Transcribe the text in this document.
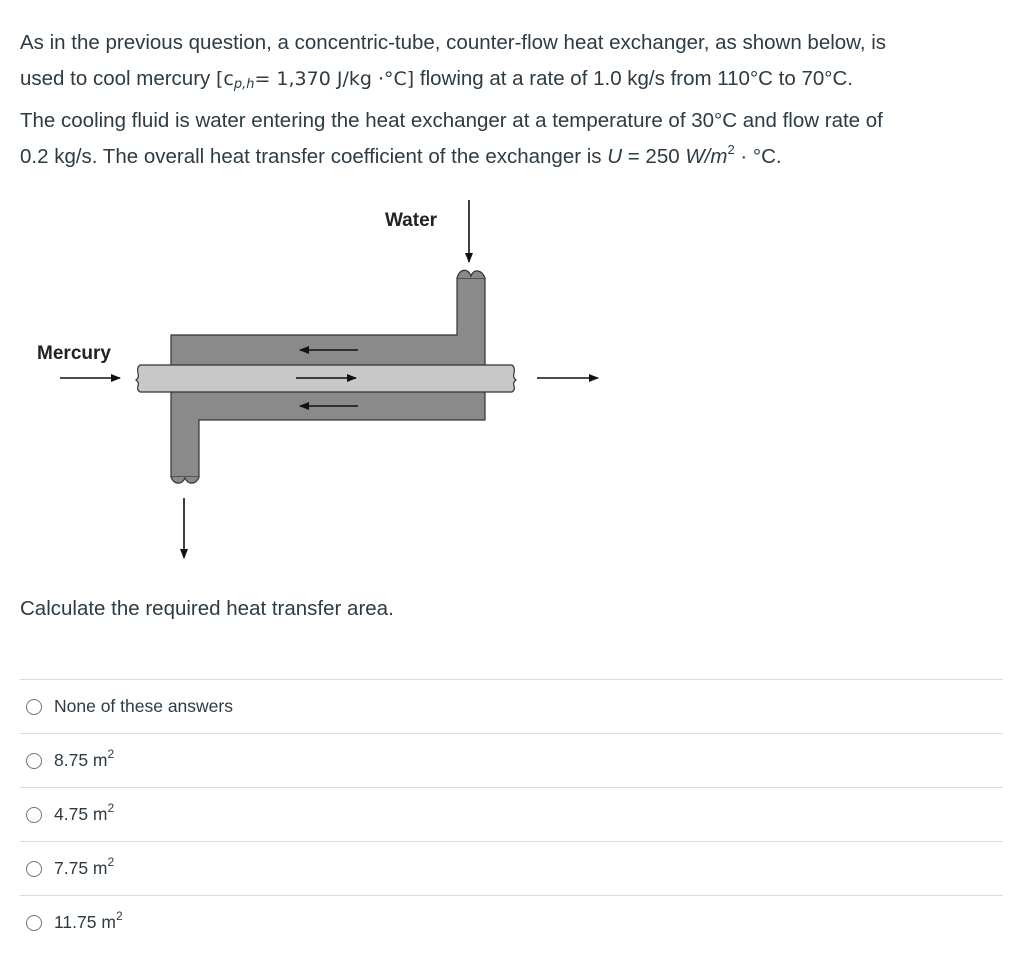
As in the previous question, a concentric-tube, counter-flow heat exchanger, as shown below, is

used to cool mercury [cp,h= 1,370 J/kg ·°C] flowing at a rate of 1.0 kg/s from 110°C to 70°C.

The cooling fluid is water entering the heat exchanger at a temperature of 30°C and flow rate of

0.2 kg/s. The overall heat transfer coefficient of the exchanger is U = 250 $W/m^2 \cdot ^\circ C$.

Water
Mercury
Calculate the required heat transfer area.
None of these answers
8.75 $m^2$
4.75 $m^2$
7.75 $m^2$
11.75 $m^2$
